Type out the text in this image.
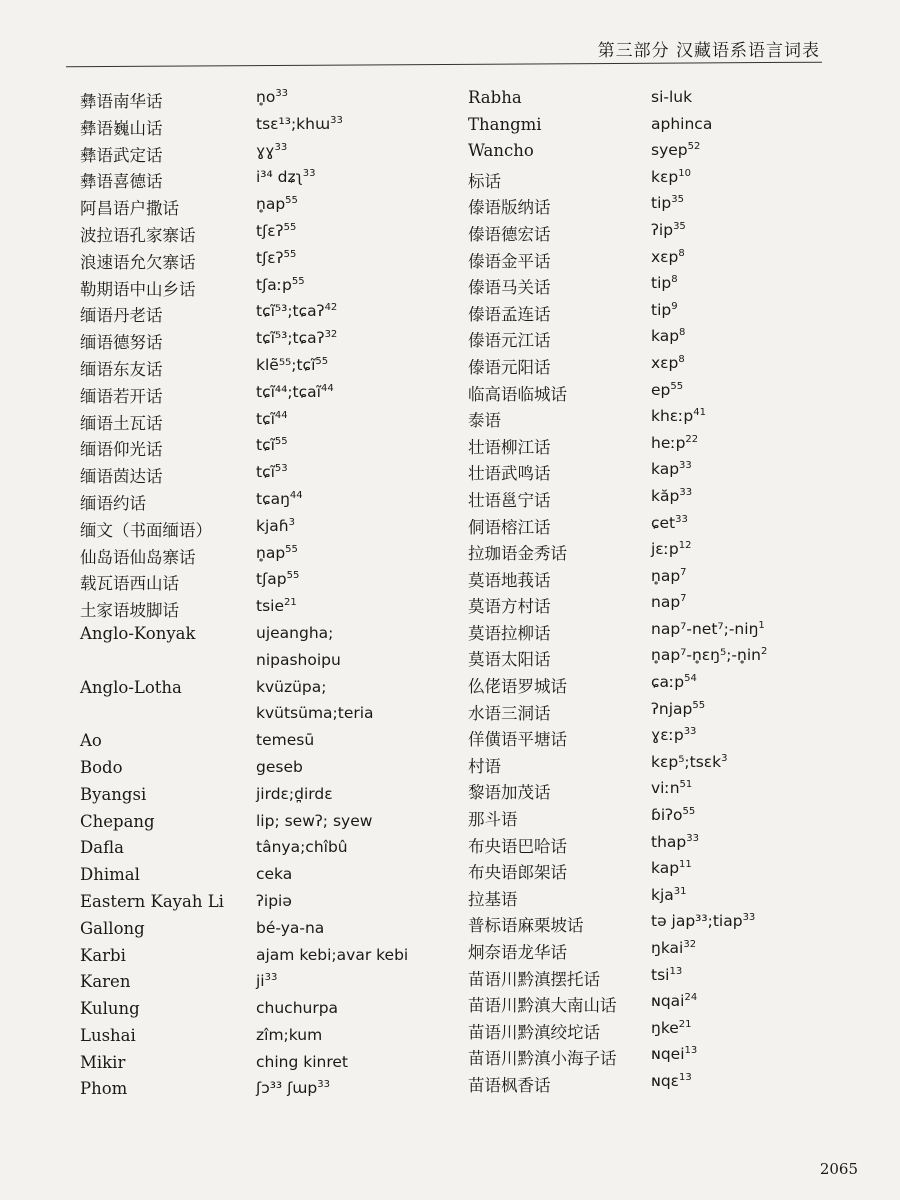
第三部分 汉藏语系语言词表
彝语南华话	$n̥o^{33}$
彝语巍山话	tsɛ¹³;khɯ$^{33}$
彝语武定话	ɣɣ$^{33}$
彝语喜德话	i³⁴ dʑʅ$^{33}$
阿昌语户撒话	$n̥ap^{55}$
波拉语孔家寨话	tʃɛʔ$^{55}$
浪速语允欠寨话	tʃɛʔ$^{55}$
勒期语中山乡话	tʃaːp$^{55}$
缅语丹老话	tɕĩ⁵³;tɕaʔ$^{42}$
缅语德努话	tɕĩ⁵³;tɕaʔ$^{32}$
缅语东友话	klẽ⁵⁵;tɕĩ$^{55}$
缅语若开话	tɕĩ⁴⁴;tɕaĩ$^{44}$
缅语土瓦话	tɕĩ$^{44}$
缅语仰光话	tɕĩ$^{55}$
缅语茵达话	tɕĩ$^{53}$
缅语约话	tɕaŋ$^{44}$
缅文（书面缅语）	kjaɦ$^3$
仙岛语仙岛寨话	$n̥ap^{55}$
载瓦语西山话	tʃap$^{55}$
土家语坡脚话	tsie$^{21}$
Anglo-Konyak	ujeangha;
nipashoipu
Anglo-Lotha	kvüzüpa;
kvütsüma;teria
Ao	temesū
Bodo	geseb
Byangsi	jirdɛ;d̪irdɛ
Chepang	lip; sewʔ; syew
Dafla	tânya;chîbû
Dhimal	ceka
Eastern Kayah Li	ʔipiə
Gallong	bé-ya-na
Karbi	ajam kebi;avar kebi
Karen	$ji^{33}$
Kulung	chuchurpa
Lushai	zîm;kum
Mikir	ching kinret
Phom	ʃɔ³³ ʃɯp$^{33}$
Rabha	si-luk
Thangmi	aphinca
Wancho	syep$^{52}$
标话	kɛp$^{10}$
傣语版纳话	tip$^{35}$
傣语德宏话	ʔip$^{35}$
傣语金平话	xɛp$^8$
傣语马关话	tip$^8$
傣语孟连话	tip$^9$
傣语元江话	kap$^8$
傣语元阳话	xɛp$^8$
临高语临城话	$ep^{55}$
泰语	khɛːp$^{41}$
壮语柳江话	heːp$^{22}$
壮语武鸣话	kap$^{33}$
壮语邕宁话	kăp$^{33}$
侗语榕江话	ɕet$^{33}$
拉珈语金秀话	jɛːp$^{12}$
莫语地莪话	$n̥ap^7$
莫语方村话	nap$^7$
莫语拉柳话	nap⁷-net⁷;-niŋ$^1$
莫语太阳话	$n̥ap^7-n̥ɛŋ^5;-n̥in^2$
仫佬语罗城话	ɕaːp$^{54}$
水语三洞话	ʔnjap$^{55}$
佯僙语平塘话	ɣɛːp$^{33}$
村语	kɛp⁵;tsɛk$^3$
黎语加茂话	viːn$^{51}$
那斗语	ɓiʔo$^{55}$
布央语巴哈话	thap$^{33}$
布央语郎架话	kap$^{11}$
拉基语	kja$^{31}$
普标语麻栗坡话	tə jap³³;tiap$^{33}$
炯奈语龙华话	ŋkai$^{32}$
苗语川黔滇摆托话	tsi$^{13}$
苗语川黔滇大南山话	ɴqai$^{24}$
苗语川黔滇绞坨话	ŋke$^{21}$
苗语川黔滇小海子话	ɴqei$^{13}$
苗语枫香话	ɴqɛ$^{13}$
2065
